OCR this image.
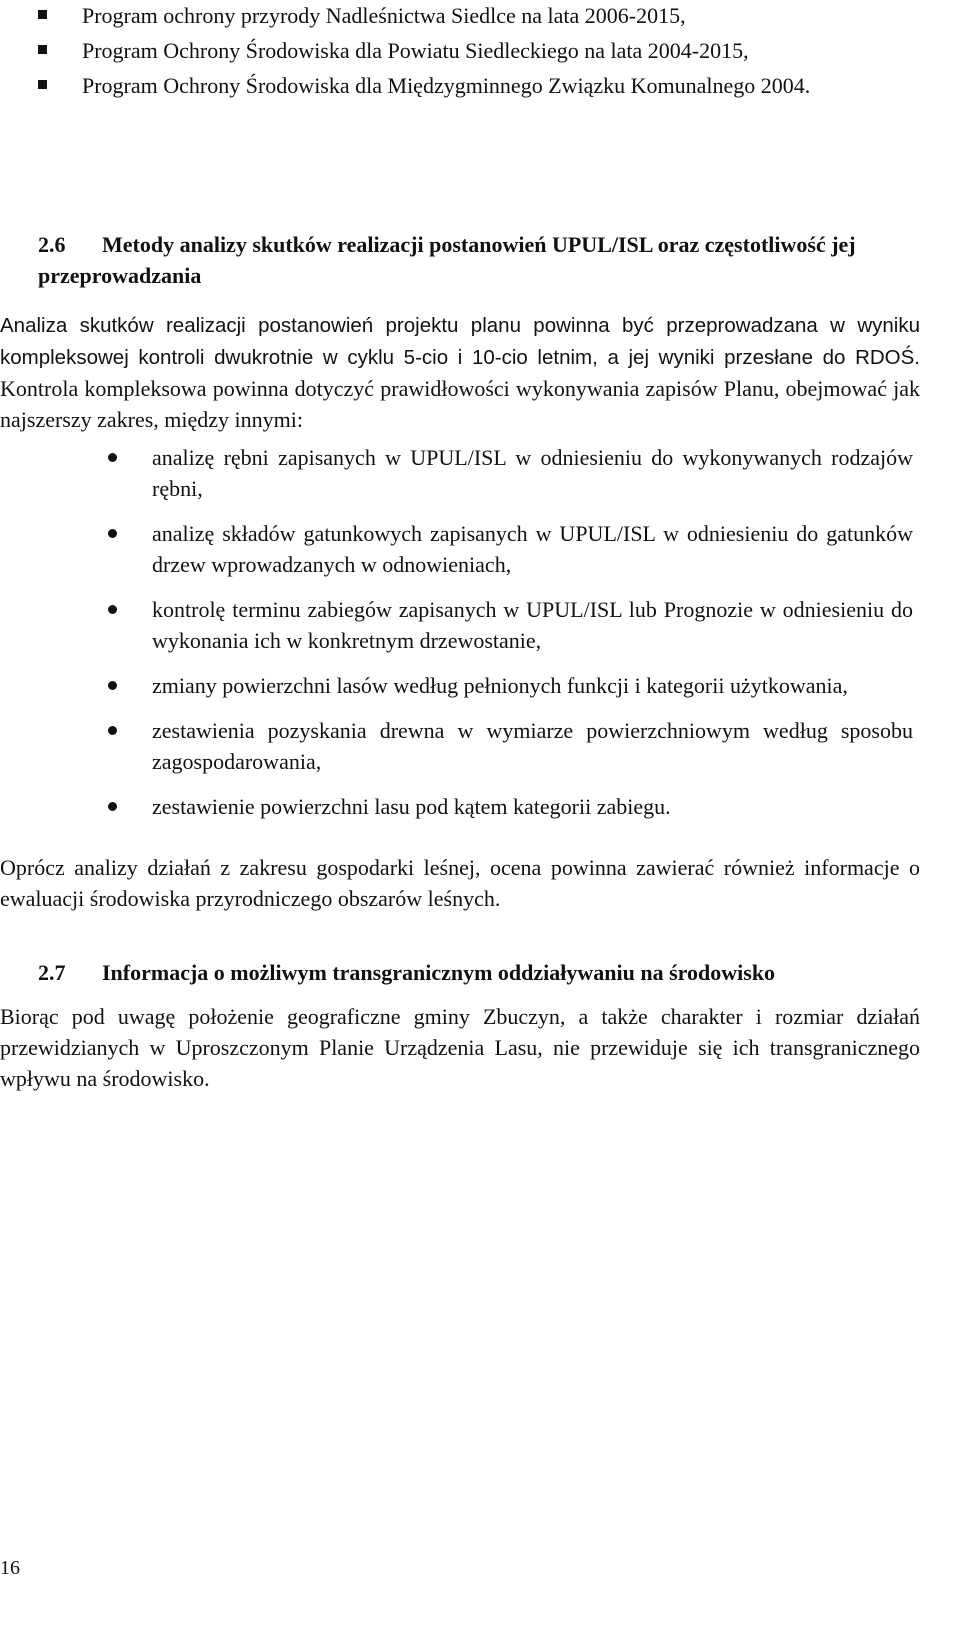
Program ochrony przyrody Nadleśnictwa Siedlce na lata 2006-2015,
Program Ochrony Środowiska dla Powiatu Siedleckiego na lata 2004-2015,
Program Ochrony Środowiska dla Międzygminnego Związku Komunalnego 2004.
2.6 Metody analizy skutków realizacji postanowień UPUL/ISL oraz częstotliwość jej przeprowadzania
Analiza skutków realizacji postanowień projektu planu powinna być przeprowadzana w wyniku kompleksowej kontroli dwukrotnie w cyklu 5-cio i 10-cio letnim, a jej wyniki przesłane do RDOŚ. Kontrola kompleksowa powinna dotyczyć prawidłowości wykonywania zapisów Planu, obejmować jak najszerszy zakres, między innymi:
analizę rębni zapisanych w UPUL/ISL w odniesieniu do wykonywanych rodzajów rębni,
analizę składów gatunkowych zapisanych w UPUL/ISL w odniesieniu do gatunków drzew wprowadzanych w odnowieniach,
kontrolę terminu zabiegów zapisanych w UPUL/ISL lub Prognozie w odniesieniu do wykonania ich w konkretnym drzewostanie,
zmiany powierzchni lasów według pełnionych funkcji i kategorii użytkowania,
zestawienia pozyskania drewna w wymiarze powierzchniowym według sposobu zagospodarowania,
zestawienie powierzchni lasu pod kątem kategorii zabiegu.
Oprócz analizy działań z zakresu gospodarki leśnej, ocena powinna zawierać również informacje o ewaluacji środowiska przyrodniczego obszarów leśnych.
2.7 Informacja o możliwym transgranicznym oddziaływaniu na środowisko
Biorąc pod uwagę położenie geograficzne gminy Zbuczyn, a także charakter i rozmiar działań przewidzianych w Uproszczonym Planie Urządzenia Lasu, nie przewiduje się ich transgranicznego wpływu na środowisko.
16
